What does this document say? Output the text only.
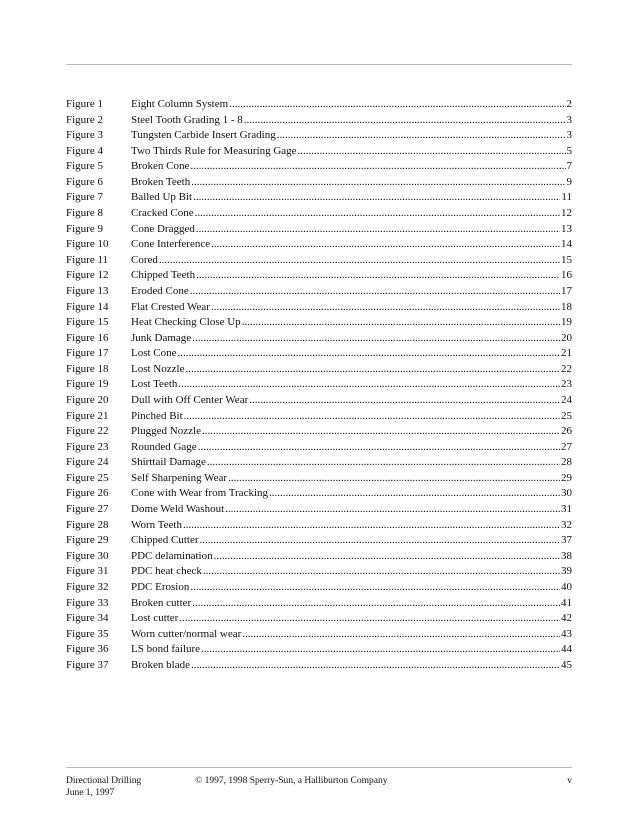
Figure 1	Eight Column System .....	2
Figure 2	Steel Tooth Grading 1 - 8 .....	3
Figure 3	Tungsten Carbide Insert Grading .....	3
Figure 4	Two Thirds Rule for Measuring Gage .....	5
Figure 5	Broken Cone .....	7
Figure 6	Broken Teeth .....	9
Figure 7	Balled Up Bit .....	11
Figure 8	Cracked Cone .....	12
Figure 9	Cone Dragged .....	13
Figure 10	Cone Interference .....	14
Figure 11	Cored .....	15
Figure 12	Chipped Teeth .....	16
Figure 13	Eroded Cone .....	17
Figure 14	Flat Crested Wear .....	18
Figure 15	Heat Checking Close Up .....	19
Figure 16	Junk Damage .....	20
Figure 17	Lost Cone .....	21
Figure 18	Lost Nozzle .....	22
Figure 19	Lost Teeth .....	23
Figure 20	Dull with Off Center Wear .....	24
Figure 21	Pinched Bit .....	25
Figure 22	Plugged Nozzle .....	26
Figure 23	Rounded Gage .....	27
Figure 24	Shirttail Damage .....	28
Figure 25	Self Sharpening Wear .....	29
Figure 26	Cone with Wear from Tracking .....	30
Figure 27	Dome Weld Washout .....	31
Figure 28	Worn Teeth .....	32
Figure 29	Chipped Cutter .....	37
Figure 30	PDC delamination .....	38
Figure 31	PDC heat check .....	39
Figure 32	PDC Erosion .....	40
Figure 33	Broken cutter .....	41
Figure 34	Lost cutter .....	42
Figure 35	Worn cutter/normal wear .....	43
Figure 36	LS bond failure .....	44
Figure 37	Broken blade .....	45
Directional Drilling
June 1, 1997
© 1997, 1998 Sperry-Sun, a Halliburton Company	v
